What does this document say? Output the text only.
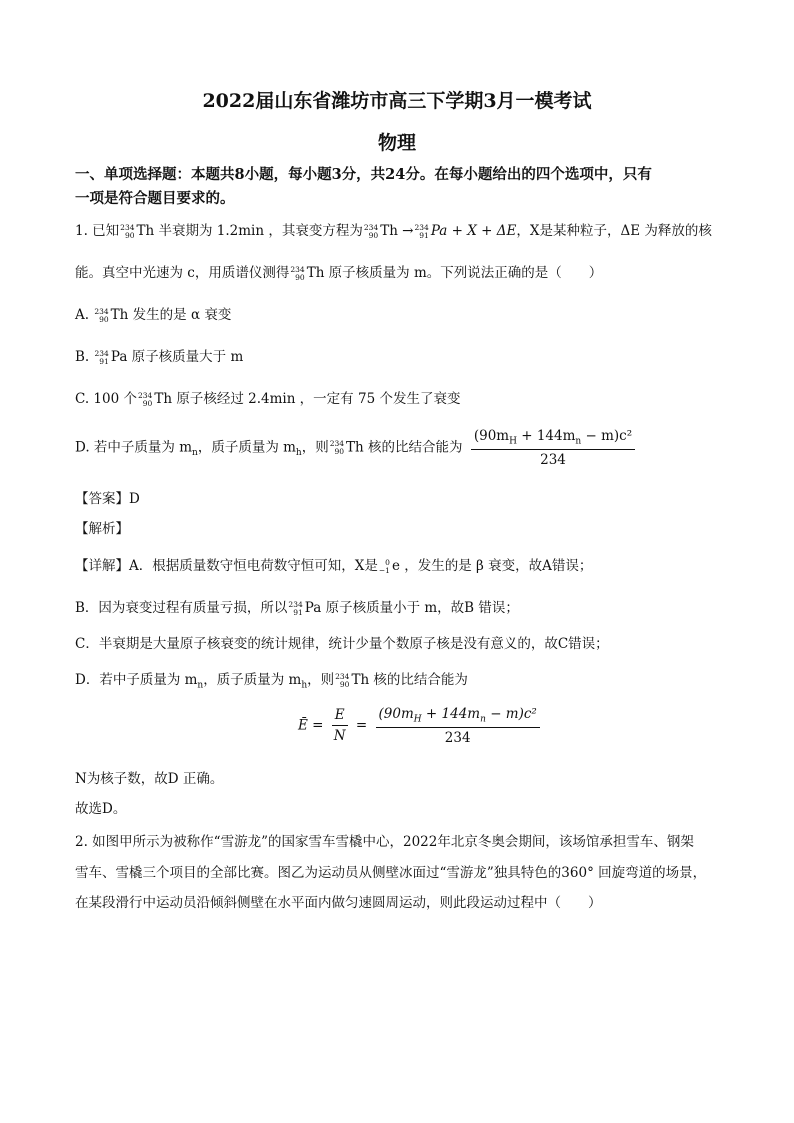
2022届山东省潍坊市高三下学期3月一模考试
物理
一、单项选择题：本题共8小题，每小题3分，共24分。在每小题给出的四个选项中，只有
一项是符合题目要求的。
1. 已知 234
90 Th 半衰期为 1.2min ，其衰变方程为 234
90 Th → 234
91 Pa + X + ΔE，X是某种粒子，ΔE 为释放的核
能。真空中光速为 c，用质谱仪测得 234
90 Th 原子核质量为 m。下列说法正确的是（　　）
A. 234
90 Th 发生的是 α 衰变
B. 234
91 Pa 原子核质量大于 m
C. 100 个 234
90 Th 原子核经过 2.4min ，一定有 75 个发生了衰变
D. 若中子质量为 $m_n$，质子质量为 $m_h$，则 234
90 Th 核的比结合能为 $\frac{(90m_H + 144m_n - m)c^2}{234}$
【答案】D
【解析】
【详解】A．根据质量数守恒电荷数守恒可知，X是 0
−1 e ，发生的是 β 衰变，故A错误；
B．因为衰变过程有质量亏损，所以 234
91 Pa 原子核质量小于 m，故B 错误；
C．半衰期是大量原子核衰变的统计规律，统计少量个数原子核是没有意义的，故C错误；
D．若中子质量为 $m_n$，质子质量为 $m_h$，则 234
90 Th 核的比结合能为
Ē = $\frac{E}{N} = \frac{(90m_H + 144m_n - m)c^2}{234}$
N为核子数，故D 正确。
故选D。
2. 如图甲所示为被称作“雪游龙”的国家雪车雪橇中心，2022年北京冬奥会期间，该场馆承担雪车、钢架
雪车、雪橇三个项目的全部比赛。图乙为运动员从侧壁冰面过“雪游龙”独具特色的360° 回旋弯道的场景，
在某段滑行中运动员沿倾斜侧壁在水平面内做匀速圆周运动，则此段运动过程中（　　）
